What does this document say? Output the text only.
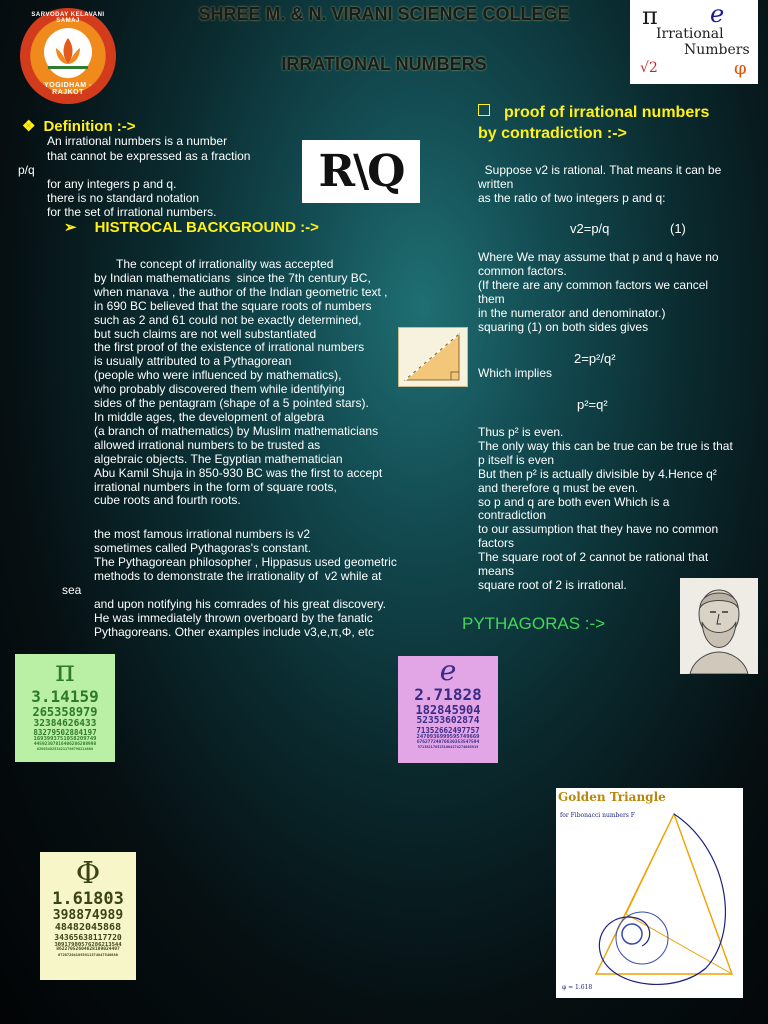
SHREE M. & N. VIRANI SCIENCE COLLEGE
IRRATIONAL NUMBERS
SARVODAY KELAVANI SAMAJ
YOGIDHAM - RAJKOT
π e
Irrational
Numbers
√2	φ
❖ Definition :->
An irrational numbers is a number
that cannot be expressed as a fraction
p/q
for any integers p and q.
there is no standard notation
for the set of irrational numbers.
R\Q
➢ HISTROCAL BACKGROUND :->
The concept of irrationality was accepted
by Indian mathematicians  since the 7th century BC,
when manava , the author of the Indian geometric text ,
in 690 BC believed that the square roots of numbers
such as 2 and 61 could not be exactly determined,
but such claims are not well substantiated
the first proof of the existence of irrational numbers
is usually attributed to a Pythagorean
(people who were influenced by mathematics),
who probably discovered them while identifying
sides of the pentagram (shape of a 5 pointed stars).
In middle ages, the development of algebra
(a branch of mathematics) by Muslim mathematicians
allowed irrational numbers to be trusted as
algebraic objects. The Egyptian mathematician
Abu Kamil Shuja in 850-930 BC was the first to accept
irrational numbers in the form of square roots,
cube roots and fourth roots.
the most famous irrational numbers is v2
sometimes called Pythagoras's constant.
The Pythagorean philosopher , Hippasus used geometric
methods to demonstrate the irrationality of  v2 while at
sea
and upon notifying his comrades of his great discovery.
He was immediately thrown overboard by the fanatic
Pythagoreans. Other examples include v3,e,π,Φ, etc
proof of irrational numbers
by contradiction :->
Suppose v2 is rational. That means it can be
written
as the ratio of two integers p and q:
v2=p/q	(1)
Where We may assume that p and q have no
common factors.
(If there are any common factors we cancel
them
in the numerator and denominator.)
squaring (1) on both sides gives
2=p²/q²
Which implies
p²=q²
Thus p² is even.
The only way this can be true can be true is that
p itself is even
But then p² is actually divisible by 4.Hence q²
and therefore q must be even.
so p and q are both even Which is a
contradiction
to our assumption that they have no common
factors
The square root of 2 cannot be rational that
means
square root of 2 is irrational.
PYTHAGORAS :->
π
3.14159
265358979
32384626433
83279502884197
1693993751058209749
44592307816406286208998
62803482534211706798214808
e
2.71828
182845904
52353602874
71352662497757
2470936999595749669
67627724076630353547594
5713821785251664274274663919
Φ
1.61803
398874989
48482045868
34365638117720
30917980576286213544
86227052604628189024497
072072041893911374847540880
Golden Triangle
for Fibonacci numbers F
φ ≈ 1.618
